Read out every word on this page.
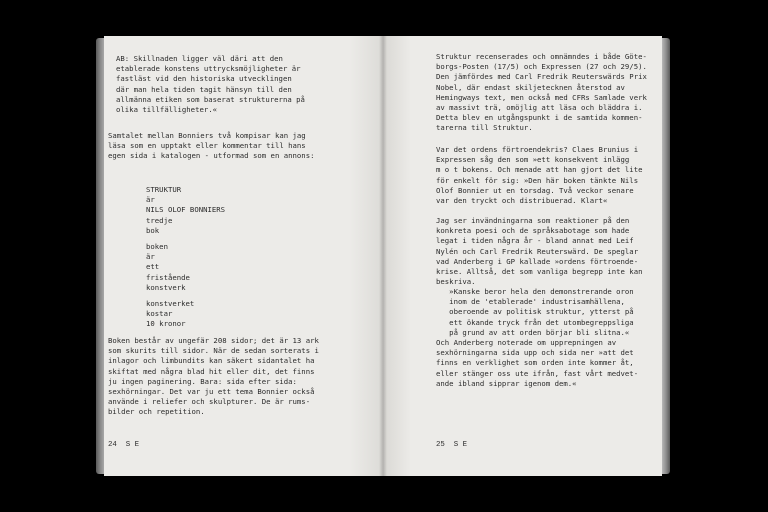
AB: Skillnaden ligger väl däri att den
etablerade konstens uttrycksmöjligheter är
fastläst vid den historiska utvecklingen
där man hela tiden tagit hänsyn till den
allmänna etiken som baserat strukturerna på
olika tillfälligheter.«
Samtalet mellan Bonniers två kompisar kan jag
läsa som en upptakt eller kommentar till hans
egen sida i katalogen - utformad som en annons:
STRUKTUR
är
NILS OLOF BONNIERS
tredje
bok
boken
är
ett
fristående
konstverk
konstverket
kostar
10 kronor
Boken består av ungefär 208 sidor; det är 13 ark
som skurits till sidor. När de sedan sorterats i
inlagor och limbundits kan säkert sidantalet ha
skiftat med några blad hit eller dit, det finns
ju ingen paginering. Bara: sida efter sida:
sexhörningar. Det var ju ett tema Bonnier också
använde i reliefer och skulpturer. De är rums-
bilder och repetition.
24  S E
Struktur recenserades och omnämndes i både Göte-
borgs-Posten (17/5) och Expressen (27 och 29/5).
Den jämfördes med Carl Fredrik Reuterswärds Prix
Nobel, där endast skiljetecknen återstod av
Hemingways text, men också med CFRs Samlade verk
av massivt trä, omöjlig att läsa och bläddra i.
Detta blev en utgångspunkt i de samtida kommen-
tarerna till Struktur.
Var det ordens förtroendekris? Claes Brunius i
Expressen såg den som »ett konsekvent inlägg
m o t bokens. Och menade att han gjort det lite
för enkelt för sig: »Den här boken tänkte Nils
Olof Bonnier ut en torsdag. Två veckor senare
var den tryckt och distribuerad. Klart«
Jag ser invändningarna som reaktioner på den
konkreta poesi och de språksabotage som hade
legat i tiden några år - bland annat med Leif
Nylén och Carl Fredrik Reuterswärd. De speglar
vad Anderberg i GP kallade »ordens förtroende-
krise. Alltså, det som vanliga begrepp inte kan
beskriva.
»Kanske beror hela den demonstrerande oron
inom de 'etablerade' industrisamhällena,
oberoende av politisk struktur, ytterst på
ett ökande tryck från det utombegreppsliga
på grund av att orden börjar bli slitna.«
Och Anderberg noterade om upprepningen av
sexhörningarna sida upp och sida ner »att det
finns en verklighet som orden inte kommer åt,
eller stänger oss ute ifrån, fast vårt medvet-
ande ibland sipprar igenom dem.«
25  S E
